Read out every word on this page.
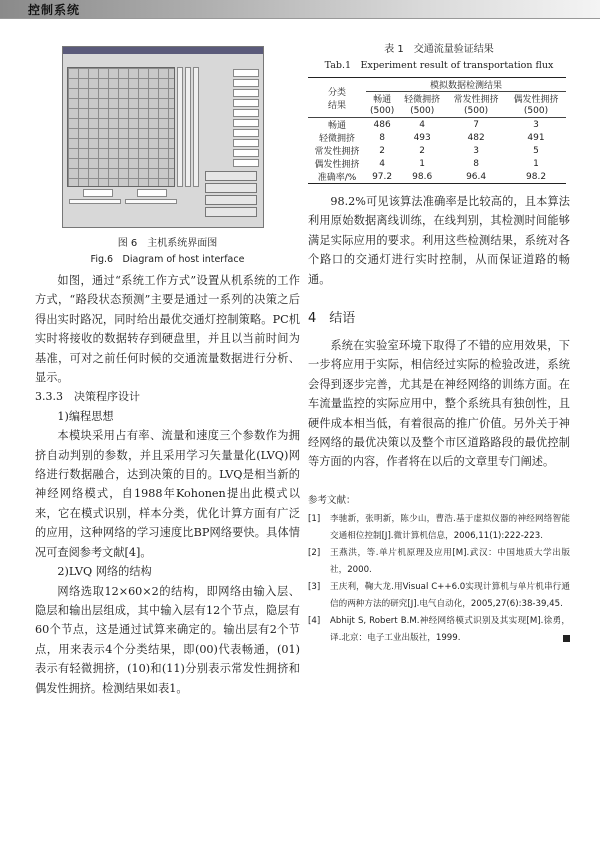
控制系统
图 6　主机系统界面图
Fig.6　Diagram of host interface

如图，通过“系统工作方式”设置从机系统的工作方式，“路段状态预测”主要是通过一系列的决策之后得出实时路况，同时给出最优交通灯控制策略。PC机实时将接收的数据转存到硬盘里，并且以当前时间为基准，可对之前任何时候的交通流量数据进行分析、显示。

3.3.3　决策程序设计

1)编程思想

本模块采用占有率、流量和速度三个参数作为拥挤自动判别的参数，并且采用学习矢量量化(LVQ)网络进行数据融合，达到决策的目的。LVQ是相当新的神经网络模式，自1988年Kohonen提出此模式以来，它在模式识别，样本分类，优化计算方面有广泛的应用，这种网络的学习速度比BP网络要快。具体情况可查阅参考文献[4]。

2)LVQ 网络的结构

网络选取12×60×2的结构，即网络由输入层、隐层和输出层组成，其中输入层有12个节点，隐层有60个节点，这是通过试算来确定的。输出层有2个节点，用来表示4个分类结果，即(00)代表畅通，(01)表示有轻微拥挤，(10)和(11)分别表示常发性拥挤和偶发性拥挤。检测结果如表1。

表 1　交通流量验证结果
Tab.1　Experiment result of transportation flux
分类
结果	模拟数据检测结果			
	畅通	轻微拥挤	常发性拥挤	偶发性拥挤
	(500)	(500)	(500)	(500)
畅通	486	4	7	3
轻微拥挤	8	493	482	491
常发性拥挤	2	2	3	5
偶发性拥挤	4	1	8	1
准确率/%	97.2	98.6	96.4	98.2

98.2%可见该算法准确率是比较高的，且本算法利用原始数据离线训练，在线判别，其检测时间能够满足实际应用的要求。利用这些检测结果，系统对各个路口的交通灯进行实时控制，从而保证道路的畅通。

4　结语

系统在实验室环境下取得了不错的应用效果，下一步将应用于实际，相信经过实际的检验改进，系统会得到逐步完善，尤其是在神经网络的训练方面。在车流量监控的实际应用中，整个系统具有独创性，且硬件成本相当低，有着很高的推广价值。另外关于神经网络的最优决策以及整个市区道路路段的最优控制等方面的内容，作者将在以后的文章里专门阐述。

参考文献：
[1] 李驰新，张明新，陈少山，曹浩.基于虚拟仪器的神经网络智能交通相位控制[J].微计算机信息，2006,11(1):222-223.
[2] 王燕洪，等.单片机原理及应用[M].武汉：中国地质大学出版社，2000.
[3] 王庆利，鞠大龙.用Visual C++6.0实现计算机与单片机串行通信的两种方法的研究[J].电气自动化，2005,27(6):38-39,45.
[4] Abhijt S, Robert B.M.神经网络模式识别及其实现[M].徐勇，译.北京：电子工业出版社，1999.
